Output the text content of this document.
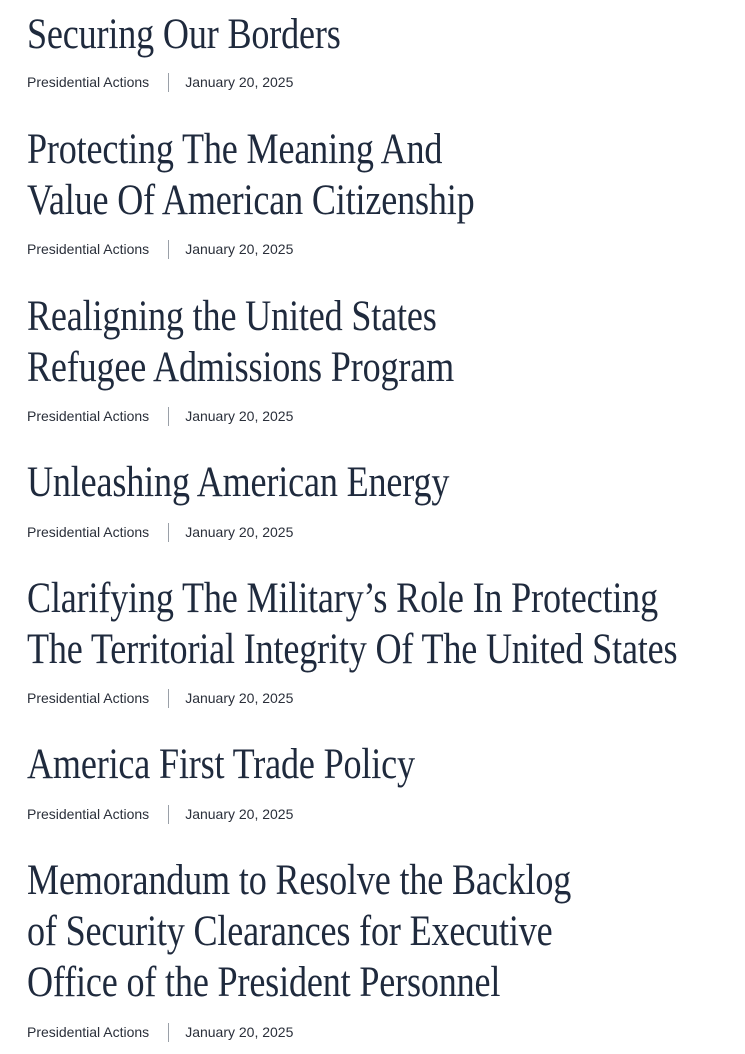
Securing Our Borders
Presidential Actions	January 20, 2025
Protecting The Meaning And
Value Of American Citizenship
Presidential Actions	January 20, 2025
Realigning the United States
Refugee Admissions Program
Presidential Actions	January 20, 2025
Unleashing American Energy
Presidential Actions	January 20, 2025
Clarifying The Military’s Role In Protecting
The Territorial Integrity Of The United States
Presidential Actions	January 20, 2025
America First Trade Policy
Presidential Actions	January 20, 2025
Memorandum to Resolve the Backlog
of Security Clearances for Executive
Office of the President Personnel
Presidential Actions	January 20, 2025
